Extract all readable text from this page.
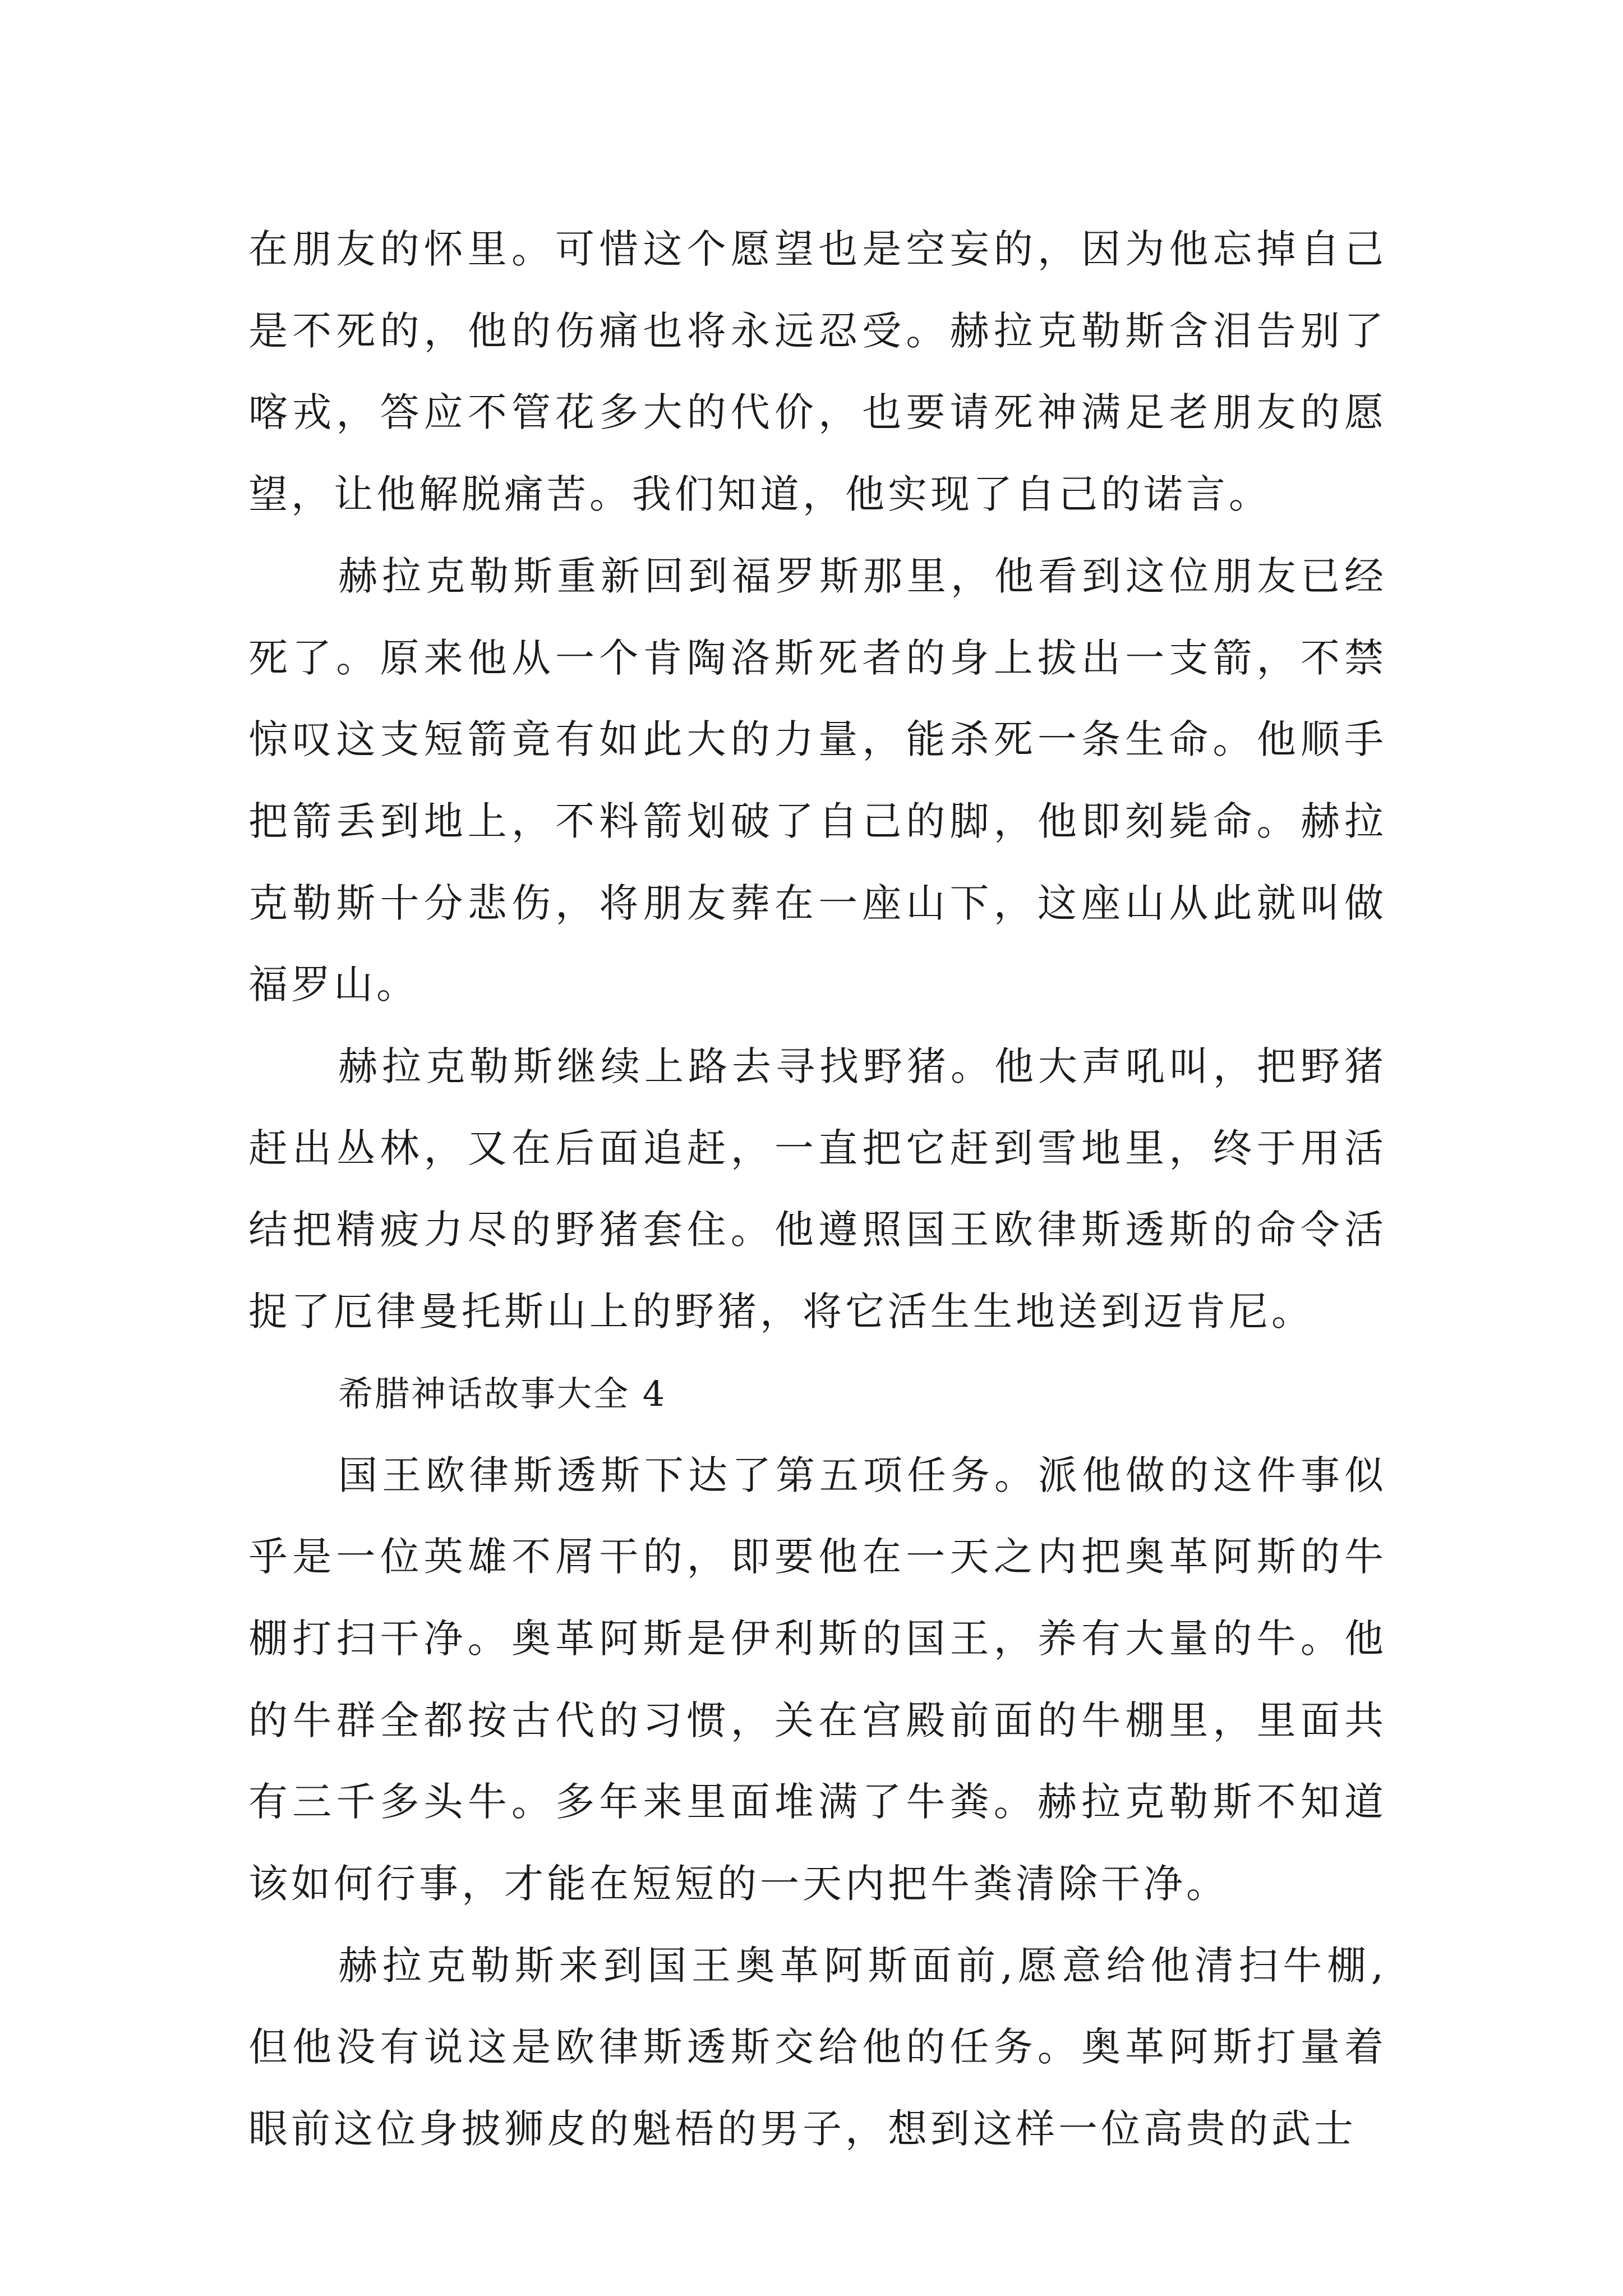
在朋友的怀里。可惜这个愿望也是空妄的，因为他忘掉自己是不死的，他的伤痛也将永远忍受。赫拉克勒斯含泪告别了喀戎，答应不管花多大的代价，也要请死神满足老朋友的愿望，让他解脱痛苦。我们知道，他实现了自己的诺言。

赫拉克勒斯重新回到福罗斯那里，他看到这位朋友已经死了。原来他从一个肯陶洛斯死者的身上拔出一支箭，不禁惊叹这支短箭竟有如此大的力量，能杀死一条生命。他顺手把箭丢到地上，不料箭划破了自己的脚，他即刻毙命。赫拉克勒斯十分悲伤，将朋友葬在一座山下，这座山从此就叫做福罗山。

赫拉克勒斯继续上路去寻找野猪。他大声吼叫，把野猪赶出丛林，又在后面追赶，一直把它赶到雪地里，终于用活结把精疲力尽的野猪套住。他遵照国王欧律斯透斯的命令活捉了厄律曼托斯山上的野猪，将它活生生地送到迈肯尼。

希腊神话故事大全 4

国王欧律斯透斯下达了第五项任务。派他做的这件事似乎是一位英雄不屑干的，即要他在一天之内把奥革阿斯的牛棚打扫干净。奥革阿斯是伊利斯的国王，养有大量的牛。他的牛群全都按古代的习惯，关在宫殿前面的牛棚里，里面共有三千多头牛。多年来里面堆满了牛粪。赫拉克勒斯不知道该如何行事，才能在短短的一天内把牛粪清除干净。

赫拉克勒斯来到国王奥革阿斯面前,愿意给他清扫牛棚,但他没有说这是欧律斯透斯交给他的任务。奥革阿斯打量着眼前这位身披狮皮的魁梧的男子，想到这样一位高贵的武士
